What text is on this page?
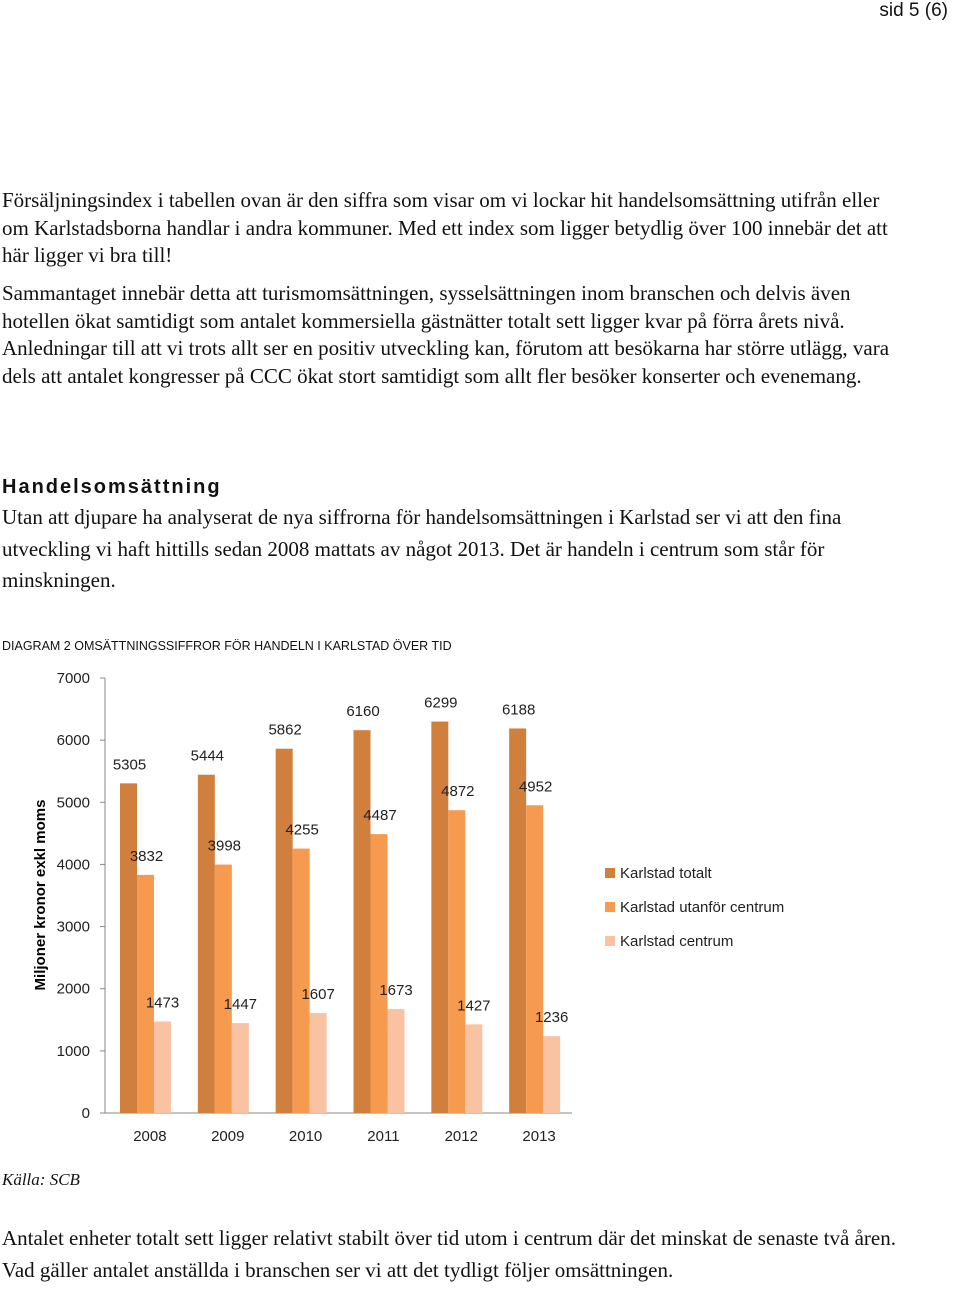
sid 5 (6)

Försäljningsindex i tabellen ovan är den siffra som visar om vi lockar hit handelsomsättning utifrån eller om Karlstadsborna handlar i andra kommuner. Med ett index som ligger betydlig över 100 innebär det att här ligger vi bra till!

Sammantaget innebär detta att turismomsättningen, sysselsättningen inom branschen och delvis även hotellen ökat samtidigt som antalet kommersiella gästnätter totalt sett ligger kvar på förra årets nivå. Anledningar till att vi trots allt ser en positiv utveckling kan, förutom att besökarna har större utlägg, vara dels att antalet kongresser på CCC ökat stort samtidigt som allt fler besöker konserter och evenemang.

Handelsomsättning

Utan att djupare ha analyserat de nya siffrorna för handelsomsättningen i Karlstad ser vi att den fina utveckling vi haft hittills sedan 2008 mattats av något 2013. Det är handeln i centrum som står för minskningen.

DIAGRAM 2 OMSÄTTNINGSSIFFROR FÖR HANDELN I KARLSTAD ÖVER TID
Miljoner kronor exkl moms
0
1000
2000
3000
4000
5000
6000
7000
5305
3832
1473
5444
3998
1447
5862
4255
1607
6160
4487
1673
6299
4872
1427
6188
4952
1236
2008	2009	2010	2011	2012	2013
Karlstad totalt
Karlstad utanför centrum
Karlstad centrum
Källa: SCB

Antalet enheter totalt sett ligger relativt stabilt över tid utom i centrum där det minskat de senaste två åren. Vad gäller antalet anställda i branschen ser vi att det tydligt följer omsättningen.
